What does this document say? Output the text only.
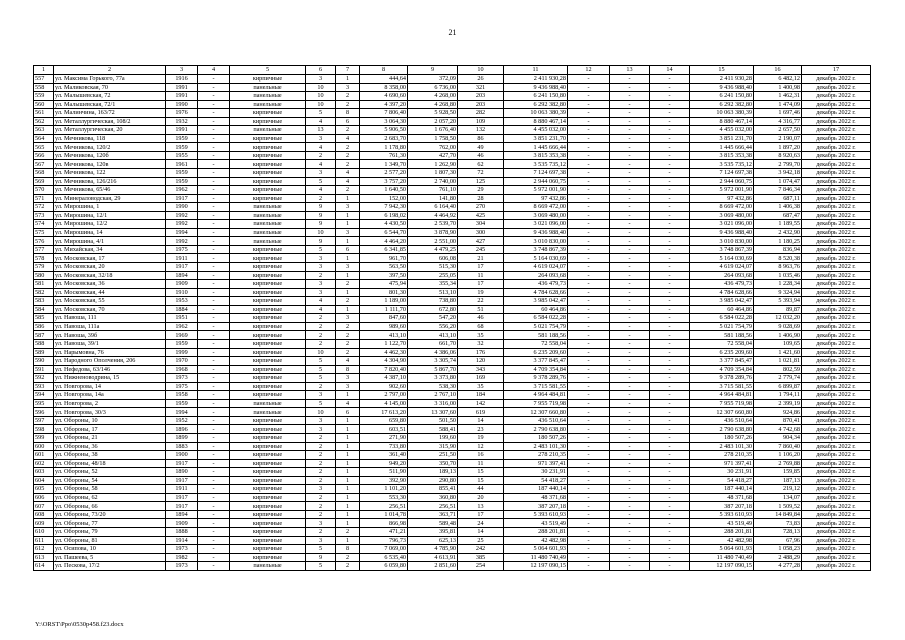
21
1	2	3	4	5	6	7	8	9	10	11	12	13	14	15	16	17
557	ул. Максима Горького, 77а	1916	-	кирпичные	3	1	444,64	372,09	26	2 411 930,28	-	-	-	2 411 930,28	6 482,12	декабрь 2022 г.
558	ул. Маликовская, 70	1991	-	панельные	10	3	8 358,00	6 736,00	321	9 436 988,40	-	-	-	9 436 988,40	1 400,98	декабрь 2022 г.
559	ул. Малышевская, 72	1991	-	панельные	10	2	4 690,60	4 268,00	203	6 241 150,80	-	-	-	6 241 150,80	1 462,31	декабрь 2022 г.
560	ул. Малышевская, 72/1	1990	-	панельные	10	2	4 397,20	4 268,80	203	6 292 382,80	-	-	-	6 292 382,80	1 474,09	декабрь 2022 г.
561	ул. Малинчина, 163/72	1976	-	кирпичные	5	8	7 806,40	5 928,50	282	10 063 380,39	-	-	-	10 063 380,39	1 697,46	декабрь 2022 г.
562	ул. Металлургическая, 108/2	1932	-	кирпичные	4	6	3 064,30	2 057,20	109	8 880 467,14	-	-	-	8 880 467,14	4 316,77	декабрь 2022 г.
563	ул. Металлургическая, 20	1991	-	панельные	13	2	5 906,50	1 676,40	132	4 455 032,00	-	-	-	4 455 032,00	2 657,50	декабрь 2022 г.
564	ул. Мечникова, 118	1959	-	кирпичные	3	4	2 683,70	1 758,50	86	3 851 231,70	-	-	-	3 851 231,70	2 190,07	декабрь 2022 г.
565	ул. Мечникова, 120/2	1959	-	кирпичные	4	2	1 178,80	762,00	49	1 445 666,44	-	-	-	1 445 666,44	1 897,20	декабрь 2022 г.
566	ул. Мечникова, 120б	1955	-	кирпичные	2	2	761,30	427,70	46	3 815 353,38	-	-	-	3 815 353,38	8 920,63	декабрь 2022 г.
567	ул. Мечникова, 120в	1961	-	кирпичные	4	2	1 349,70	1 262,90	62	3 535 735,12	-	-	-	3 535 735,12	2 799,70	декабрь 2022 г.
568	ул. Мечникова, 122	1959	-	кирпичные	3	4	2 577,20	1 807,30	72	7 124 697,38	-	-	-	7 124 697,38	3 942,18	декабрь 2022 г.
569	ул. Мечникова, 126/216	1959	-	кирпичные	5	4	3 757,20	2 740,00	125	2 944 060,75	-	-	-	2 944 060,75	1 074,47	декабрь 2022 г.
570	ул. Мечникова, 65/46	1962	-	кирпичные	4	2	1 640,50	761,10	29	5 972 001,90	-	-	-	5 972 001,90	7 846,34	декабрь 2022 г.
571	ул. Минераловодская, 29	1917	-	кирпичные	2	1	152,00	141,80	28	97 432,86	-	-	-	97 432,86	687,11	декабрь 2022 г.
572	ул. Мирошина, 1	1990	-	панельные	9	3	7 942,30	6 164,40	270	8 669 472,00	-	-	-	8 669 472,00	1 406,38	декабрь 2022 г.
573	ул. Мирошина, 12/1	1992	-	панельные	9	1	6 198,02	4 464,92	425	3 069 480,00	-	-	-	3 069 480,00	687,47	декабрь 2022 г.
574	ул. Мирошина, 12/2	1992	-	панельные	9	1	4 430,50	2 539,70	304	3 021 096,00	-	-	-	3 021 096,00	1 189,55	декабрь 2022 г.
575	ул. Мирошина, 14	1994	-	панельные	10	3	6 544,70	3 878,90	300	9 436 988,40	-	-	-	9 436 988,40	2 432,90	декабрь 2022 г.
576	ул. Мирошина, 4/1	1992	-	панельные	9	1	4 464,20	2 551,00	427	3 010 830,00	-	-	-	3 010 830,00	1 180,25	декабрь 2022 г.
577	ул. Михайская, 34	1975	-	кирпичные	5	6	6 341,85	4 479,25	245	3 748 867,39	-	-	-	3 748 867,39	836,94	декабрь 2022 г.
578	ул. Московская, 17	1911	-	кирпичные	3	1	961,70	606,08	21	5 164 030,69	-	-	-	5 164 030,69	8 520,38	декабрь 2022 г.
579	ул. Московская, 20	1917	-	кирпичные	3	3	563,50	515,30	17	4 619 024,07	-	-	-	4 619 024,07	8 963,76	декабрь 2022 г.
580	ул. Московская, 32/18	1894	-	кирпичные	2	1	397,50	255,05	11	264 093,68	-	-	-	264 093,68	1 035,46	декабрь 2022 г.
581	ул. Московская, 36	1909	-	кирпичные	3	2	475,94	355,34	17	436 479,73	-	-	-	436 479,73	1 228,34	декабрь 2022 г.
582	ул. Московская, 44	1910	-	кирпичные	3	1	801,30	513,10	19	4 784 628,66	-	-	-	4 784 628,66	9 324,94	декабрь 2022 г.
583	ул. Московская, 55	1953	-	кирпичные	4	2	1 189,00	738,80	22	3 985 042,47	-	-	-	3 985 042,47	5 393,94	декабрь 2022 г.
584	ул. Московская, 70	1884	-	кирпичные	4	1	1 111,70	672,80	51	60 464,86	-	-	-	60 464,86	89,87	декабрь 2022 г.
585	ул. Навоша, 111	1951	-	кирпичные	2	3	847,60	547,20	46	6 584 022,28	-	-	-	6 584 022,28	12 032,20	декабрь 2022 г.
586	ул. Навоша, 111а	1962	-	кирпичные	2	2	989,60	556,20	68	5 021 754,79	-	-	-	5 021 754,79	9 028,69	декабрь 2022 г.
587	ул. Навоша, 39б	1969	-	кирпичные	2	2	413,10	413,10	35	581 188,56	-	-	-	581 188,56	1 406,90	декабрь 2022 г.
588	ул. Навоша, 39/1	1959	-	кирпичные	2	2	1 122,70	661,70	32	72 558,04	-	-	-	72 558,04	109,65	декабрь 2022 г.
589	ул. Нарымовна, 76	1999	-	кирпичные	10	2	4 462,30	4 386,06	176	6 235 209,60	-	-	-	6 235 209,60	1 421,60	декабрь 2022 г.
590	ул. Народного Ополчения, 206	1970	-	кирпичные	5	4	4 304,90	3 305,74	120	3 377 845,47	-	-	-	3 377 845,47	1 021,81	декабрь 2022 г.
591	ул. Нефедова, 63/146	1968	-	кирпичные	5	8	7 820,40	5 867,70	343	4 709 354,84	-	-	-	4 709 354,84	802,59	декабрь 2022 г.
592	ул. Нижненоводрина, 15	1973	-	кирпичные	5	3	4 387,10	3 373,80	169	9 378 289,76	-	-	-	9 378 289,76	2 779,74	декабрь 2022 г.
593	ул. Новгорова, 14	1975	-	кирпичные	2	3	902,60	538,30	35	3 715 581,55	-	-	-	3 715 581,55	6 899,87	декабрь 2022 г.
594	ул. Новгорова, 14а	1958	-	кирпичные	3	1	2 797,00	2 767,10	184	4 964 484,81	-	-	-	4 964 484,81	1 794,11	декабрь 2022 г.
595	ул. Новгорова, 2	1959	-	панельные	5	4	4 145,00	3 316,00	142	7 955 719,98	-	-	-	7 955 719,98	2 399,19	декабрь 2022 г.
596	ул. Новгорова, 30/3	1994	-	панельные	10	6	17 613,20	13 307,60	619	12 307 660,80	-	-	-	12 307 660,80	924,86	декабрь 2022 г.
597	ул. Обороны, 10	1952	-	кирпичные	3	1	659,80	501,50	14	436 510,64	-	-	-	436 510,64	870,41	декабрь 2022 г.
598	ул. Обороны, 17	1896	-	кирпичные	3	1	603,51	588,41	23	2 790 638,80	-	-	-	2 790 638,80	4 742,68	декабрь 2022 г.
599	ул. Обороны, 21	1899	-	кирпичные	2	1	271,90	199,60	19	180 507,26	-	-	-	180 507,26	904,34	декабрь 2022 г.
600	ул. Обороны, 36	1883	-	кирпичные	2	1	733,80	315,90	12	2 483 101,30	-	-	-	2 483 101,30	7 860,40	декабрь 2022 г.
601	ул. Обороны, 38	1900	-	кирпичные	2	1	361,40	251,50	16	278 210,35	-	-	-	278 210,35	1 106,20	декабрь 2022 г.
602	ул. Обороны, 48/18	1917	-	кирпичные	2	1	949,20	350,70	11	971 397,41	-	-	-	971 397,41	2 769,88	декабрь 2022 г.
603	ул. Обороны, 52	1890	-	кирпичные	2	1	511,90	189,13	15	30 231,91	-	-	-	30 231,91	159,85	декабрь 2022 г.
604	ул. Обороны, 54	1917	-	кирпичные	2	1	392,90	290,80	15	54 418,27	-	-	-	54 418,27	187,13	декабрь 2022 г.
605	ул. Обороны, 58	1911	-	кирпичные	3	1	1 101,20	855,41	44	187 440,14	-	-	-	187 440,14	219,12	декабрь 2022 г.
606	ул. Обороны, 62	1917	-	кирпичные	2	1	553,30	360,80	20	48 371,68	-	-	-	48 371,68	134,07	декабрь 2022 г.
607	ул. Обороны, 66	1917	-	кирпичные	2	1	256,51	256,51	13	387 207,18	-	-	-	387 207,18	1 509,52	декабрь 2022 г.
608	ул. Обороны, 73/20	1894	-	кирпичные	2	1	1 014,78	363,71	17	5 393 610,93	-	-	-	5 393 610,93	14 849,84	декабрь 2022 г.
609	ул. Обороны, 77	1909	-	кирпичные	3	1	866,98	589,48	24	43 519,49	-	-	-	43 519,49	73,83	декабрь 2022 г.
610	ул. Обороны, 79	1888	-	кирпичные	2	2	471,21	395,81	14	288 201,81	-	-	-	288 201,81	728,13	декабрь 2022 г.
611	ул. Обороны, 81	1914	-	кирпичные	3	1	796,73	625,13	25	42 482,98	-	-	-	42 482,98	67,96	декабрь 2022 г.
612	ул. Осипова, 10	1973	-	кирпичные	5	8	7 069,00	4 785,90	242	5 064 601,93	-	-	-	5 064 601,93	1 058,23	декабрь 2022 г.
613	ул. Пашеева, 5	1982	-	кирпичные	9	2	6 535,40	4 613,91	385	11 480 740,49	-	-	-	11 480 740,49	2 488,29	декабрь 2022 г.
614	ул. Пескова, 17/2	1973	-	панельные	5	2	6 059,80	2 851,60	254	12 197 090,15	-	-	-	12 197 090,15	4 277,28	декабрь 2022 г.
Y:\ORST\Ppo\0530p458.f23.docx
